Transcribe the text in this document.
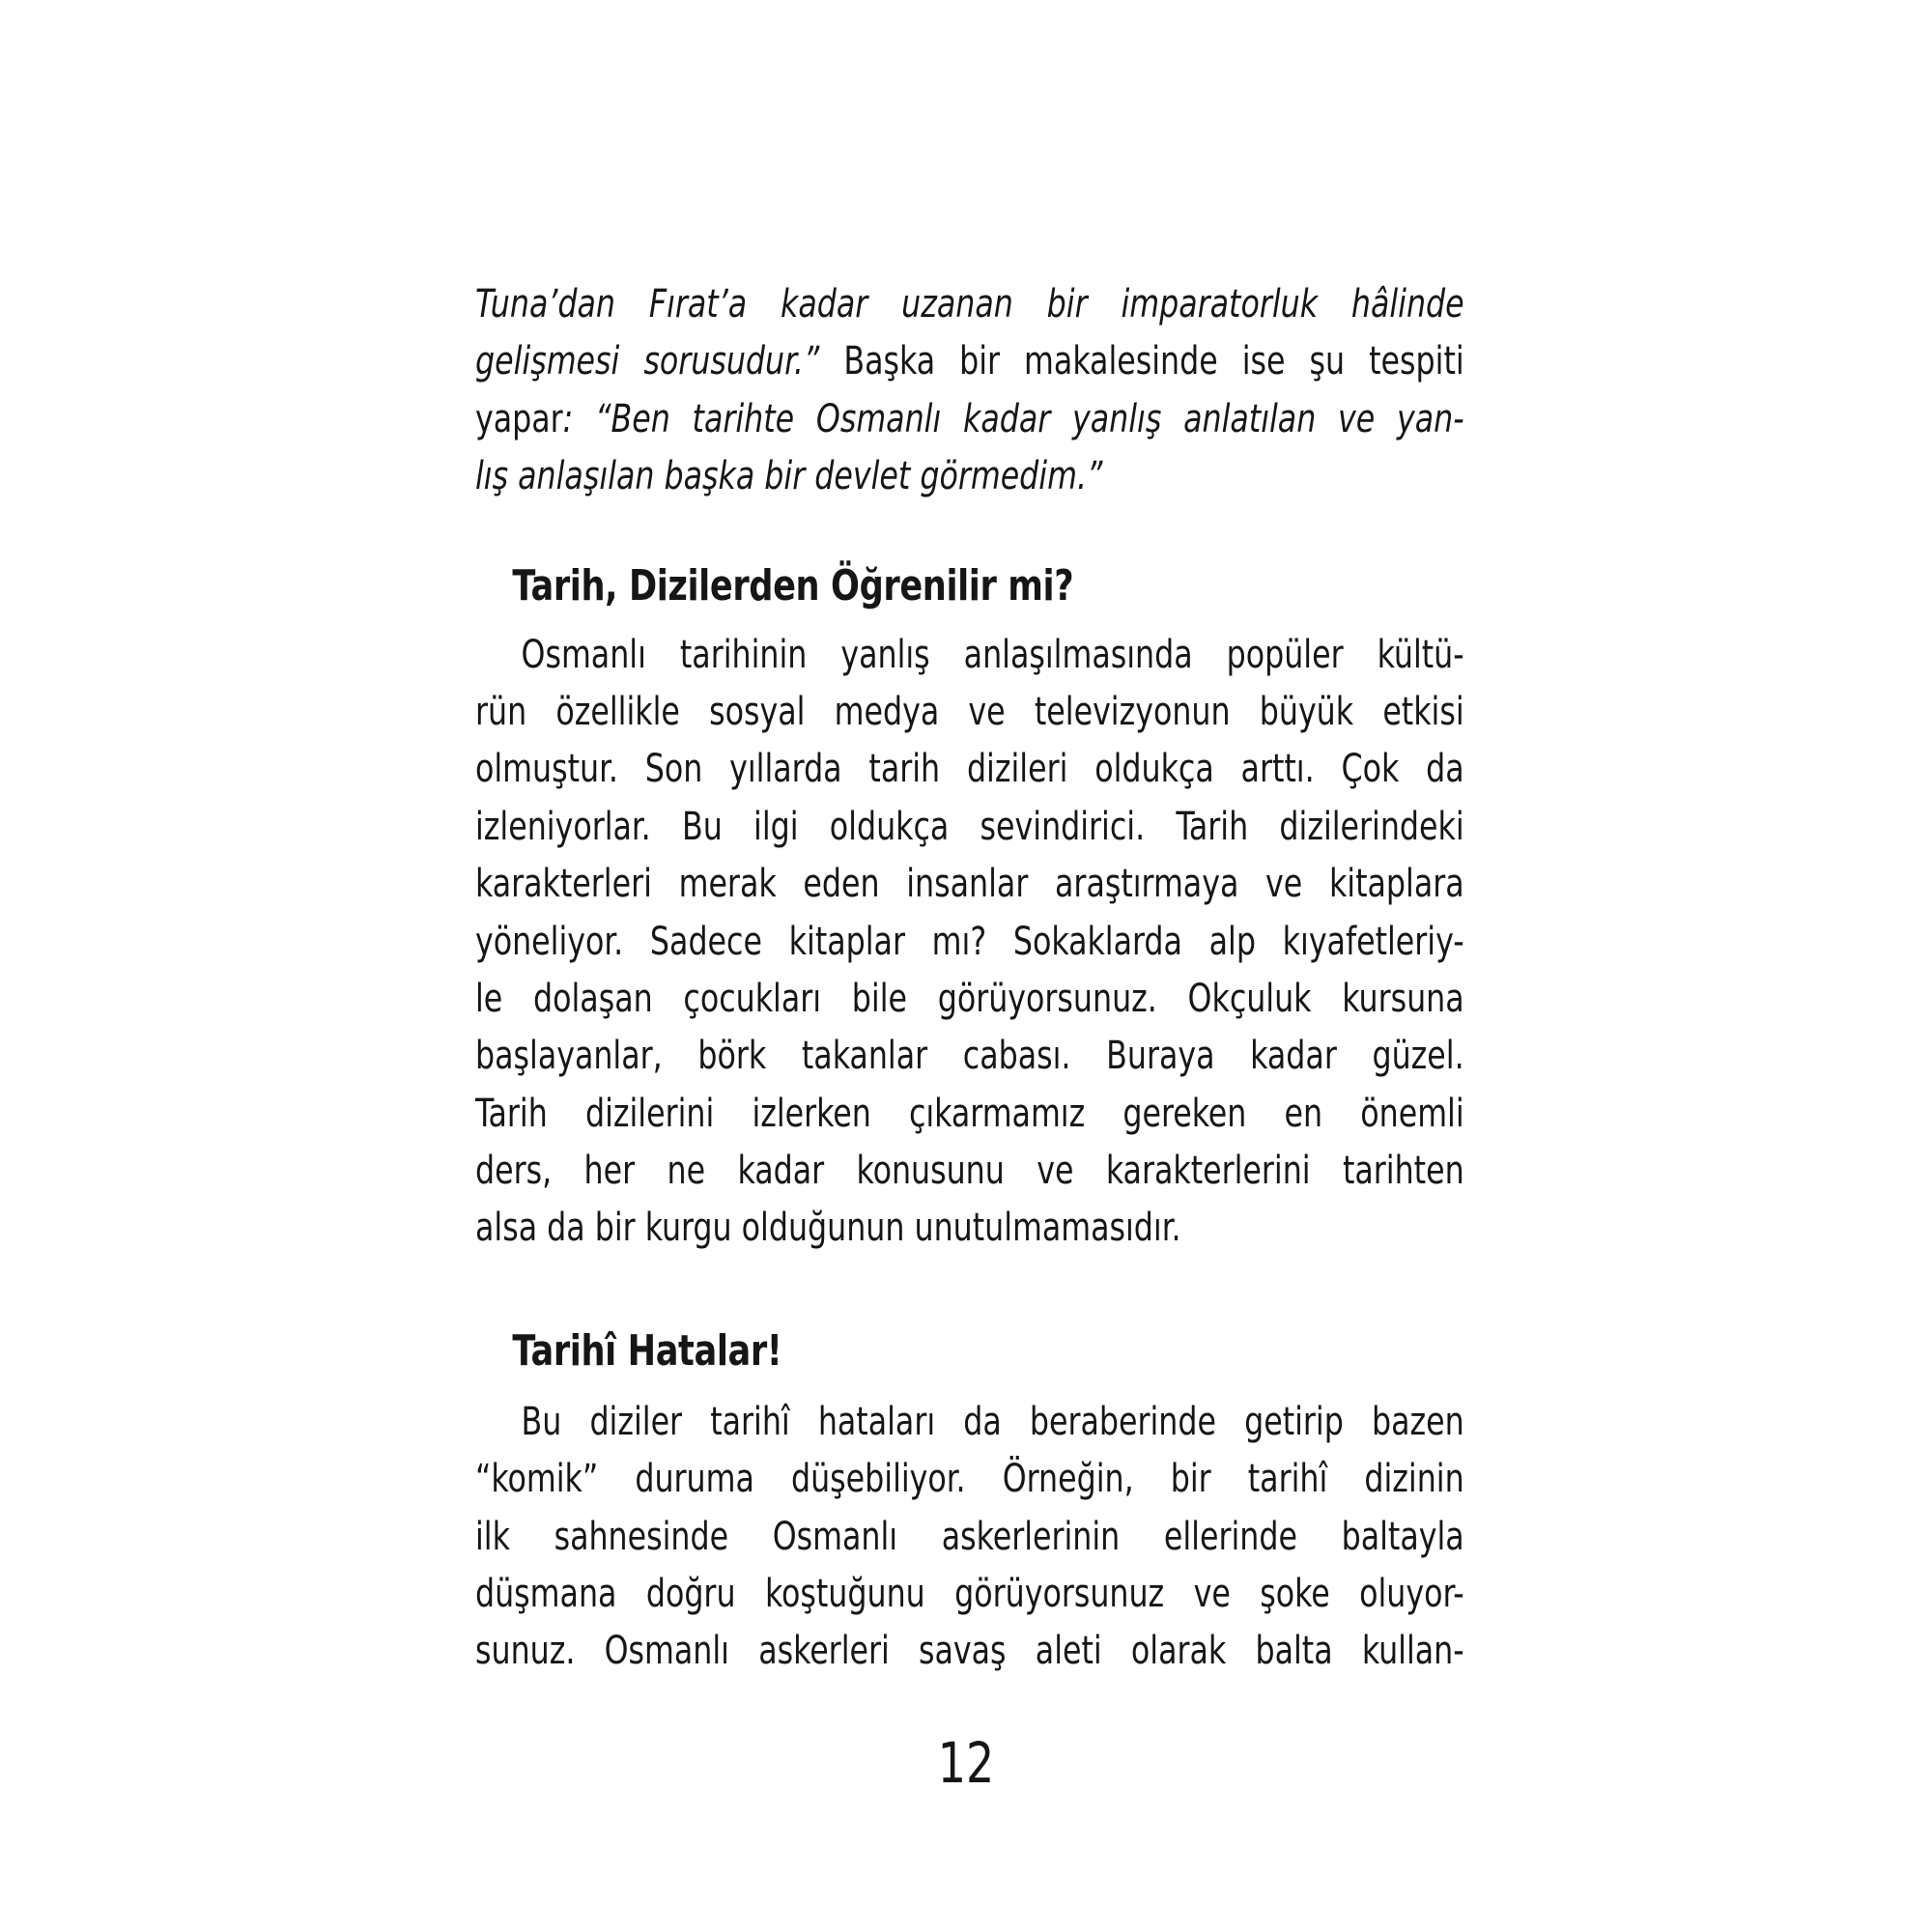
Tuna’dan Fırat’a kadar uzanan bir imparatorluk hâlinde
gelişmesi sorusudur.” Başka bir makalesinde ise şu tespiti
yapar: “Ben tarihte Osmanlı kadar yanlış anlatılan ve yan-
lış anlaşılan başka bir devlet görmedim.”
Tarih, Dizilerden Öğrenilir mi?
Osmanlı tarihinin yanlış anlaşılmasında popüler kültü-
rün özellikle sosyal medya ve televizyonun büyük etkisi
olmuştur. Son yıllarda tarih dizileri oldukça arttı. Çok da
izleniyorlar. Bu ilgi oldukça sevindirici. Tarih dizilerindeki
karakterleri merak eden insanlar araştırmaya ve kitaplara
yöneliyor. Sadece kitaplar mı? Sokaklarda alp kıyafetleriy-
le dolaşan çocukları bile görüyorsunuz. Okçuluk kursuna
başlayanlar, börk takanlar cabası. Buraya kadar güzel.
Tarih dizilerini izlerken çıkarmamız gereken en önemli
ders, her ne kadar konusunu ve karakterlerini tarihten
alsa da bir kurgu olduğunun unutulmamasıdır.
Tarihî Hatalar!
Bu diziler tarihî hataları da beraberinde getirip bazen
“komik” duruma düşebiliyor. Örneğin, bir tarihî dizinin
ilk sahnesinde Osmanlı askerlerinin ellerinde baltayla
düşmana doğru koştuğunu görüyorsunuz ve şoke oluyor-
sunuz. Osmanlı askerleri savaş aleti olarak balta kullan-
12
